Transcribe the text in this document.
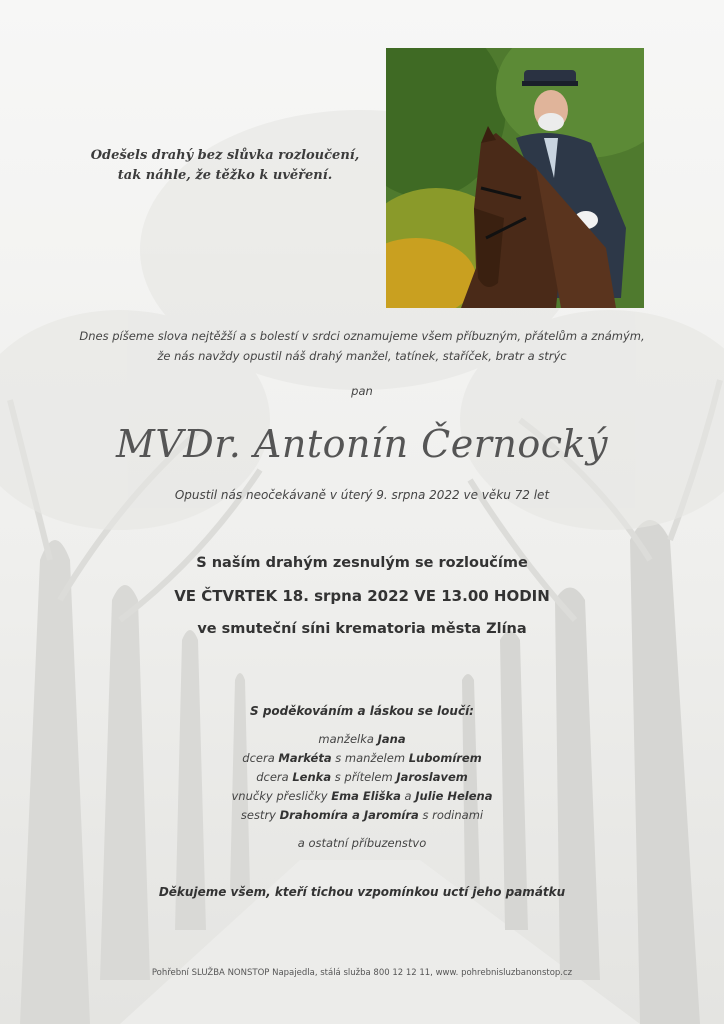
Odešels drahý bez slůvka rozloučení,
tak náhle, že těžko k uvěření.
Dnes píšeme slova nejtěžší a s bolestí v srdci oznamujeme všem příbuzným, přátelům a známým,
že nás navždy opustil náš drahý manžel, tatínek, staříček, bratr a strýc
pan
MVDr. Antonín Černocký
Opustil nás neočekávaně v úterý 9. srpna 2022 ve věku 72 let
S naším drahým zesnulým se rozloučíme
VE ČTVRTEK 18. srpna 2022 VE 13.00 HODIN
ve smuteční síni krematoria města Zlína
S poděkováním a láskou se loučí:
manželka Jana
dcera Markéta s manželem Lubomírem
dcera Lenka s přítelem Jaroslavem
vnučky přesličky Ema Eliška a Julie Helena
sestry Drahomíra a Jaromíra s rodinami
a ostatní příbuzenstvo
Děkujeme všem, kteří tichou vzpomínkou uctí jeho památku
Pohřební SLUŽBA NONSTOP Napajedla, stálá služba 800 12 12 11, www. pohrebnisluzbanonstop.cz
